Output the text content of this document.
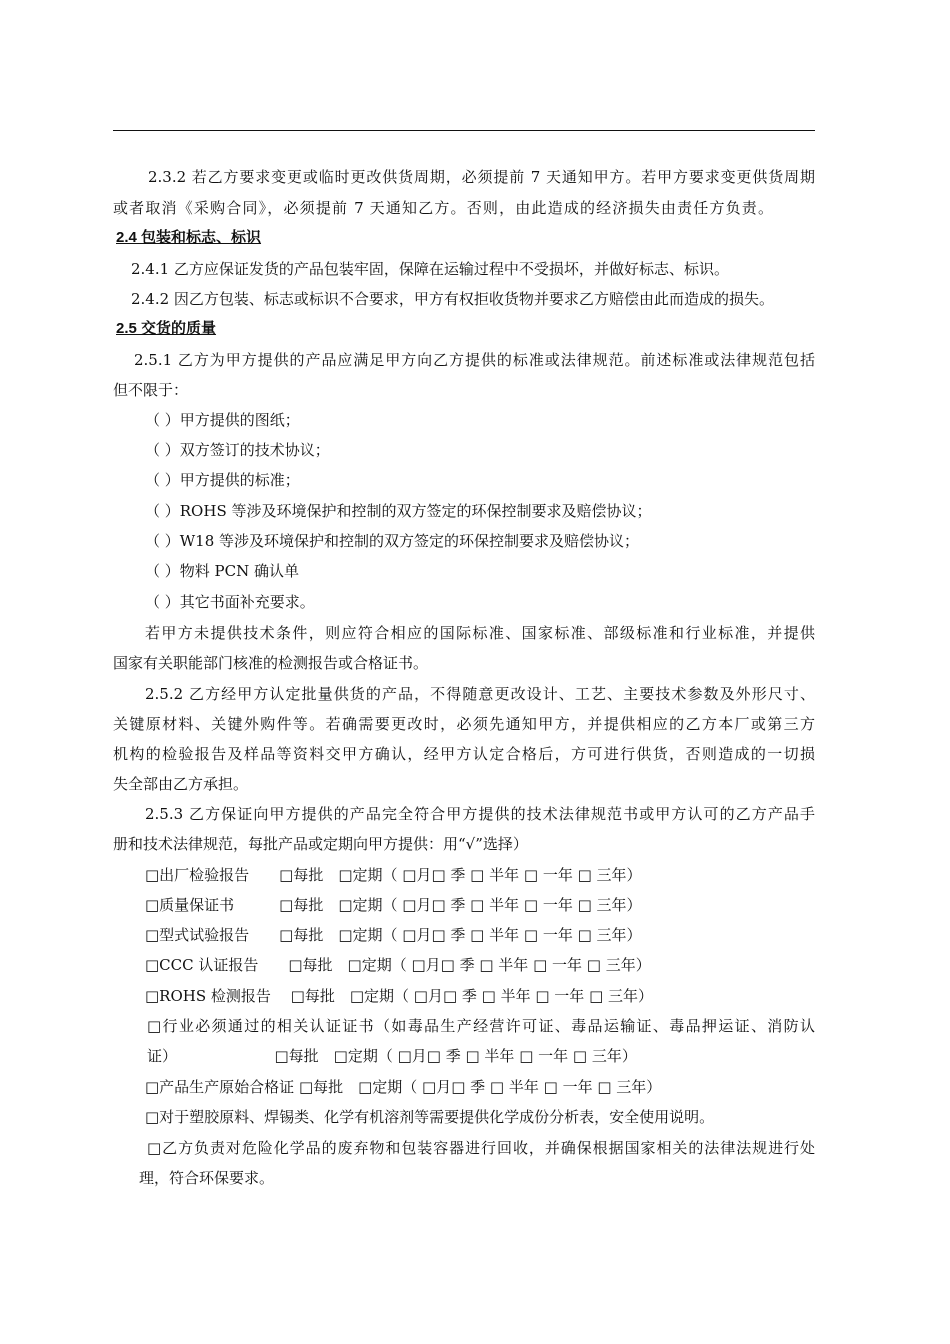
2.3.2 若乙方要求变更或临时更改供货周期，必须提前 7 天通知甲方。若甲方要求变更供货周期
或者取消《采购合同》，必须提前 7 天通知乙方。否则，由此造成的经济损失由责任方负责。
2.4 包装和标志、标识
2.4.1 乙方应保证发货的产品包装牢固，保障在运输过程中不受损坏，并做好标志、标识。
2.4.2 因乙方包装、标志或标识不合要求，甲方有权拒收货物并要求乙方赔偿由此而造成的损失。
2.5 交货的质量
2.5.1 乙方为甲方提供的产品应满足甲方向乙方提供的标准或法律规范。前述标准或法律规范包括
但不限于：
（ ）甲方提供的图纸；
（ ）双方签订的技术协议；
（ ）甲方提供的标准；
（ ）ROHS 等涉及环境保护和控制的双方签定的环保控制要求及赔偿协议；
（ ）W18 等涉及环境保护和控制的双方签定的环保控制要求及赔偿协议；
（ ）物料 PCN 确认单
（ ）其它书面补充要求。
若甲方未提供技术条件，则应符合相应的国际标准、国家标准、部级标准和行业标准，并提供
国家有关职能部门核准的检测报告或合格证书。
2.5.2 乙方经甲方认定批量供货的产品，不得随意更改设计、工艺、主要技术参数及外形尺寸、
关键原材料、关键外购件等。若确需要更改时，必须先通知甲方，并提供相应的乙方本厂或第三方
机构的检验报告及样品等资料交甲方确认，经甲方认定合格后，方可进行供货，否则造成的一切损
失全部由乙方承担。
2.5.3 乙方保证向甲方提供的产品完全符合甲方提供的技术法律规范书或甲方认可的乙方产品手
册和技术法律规范，每批产品或定期向甲方提供：用“√”选择）
□出厂检验报告　　□每批　□定期（ □月□ 季 □ 半年 □ 一年 □ 三年）
□质量保证书　　　□每批　□定期（ □月□ 季 □ 半年 □ 一年 □ 三年）
□型式试验报告　　□每批　□定期（ □月□ 季 □ 半年 □ 一年 □ 三年）
□CCC 认证报告　　□每批　□定期（ □月□ 季 □ 半年 □ 一年 □ 三年）
□ROHS 检测报告　 □每批　□定期（ □月□ 季 □ 半年 □ 一年 □ 三年）
□行业必须通过的相关认证证书（如毒品生产经营许可证、毒品运输证、毒品押运证、消防认
证）　　　　　　　□每批　□定期（ □月□ 季 □ 半年 □ 一年 □ 三年）
□产品生产原始合格证 □每批　□定期（ □月□ 季 □ 半年 □ 一年 □ 三年）
□对于塑胶原料、焊锡类、化学有机溶剂等需要提供化学成份分析表，安全使用说明。
□乙方负责对危险化学品的废弃物和包装容器进行回收，并确保根据国家相关的法律法规进行处
理，符合环保要求。
